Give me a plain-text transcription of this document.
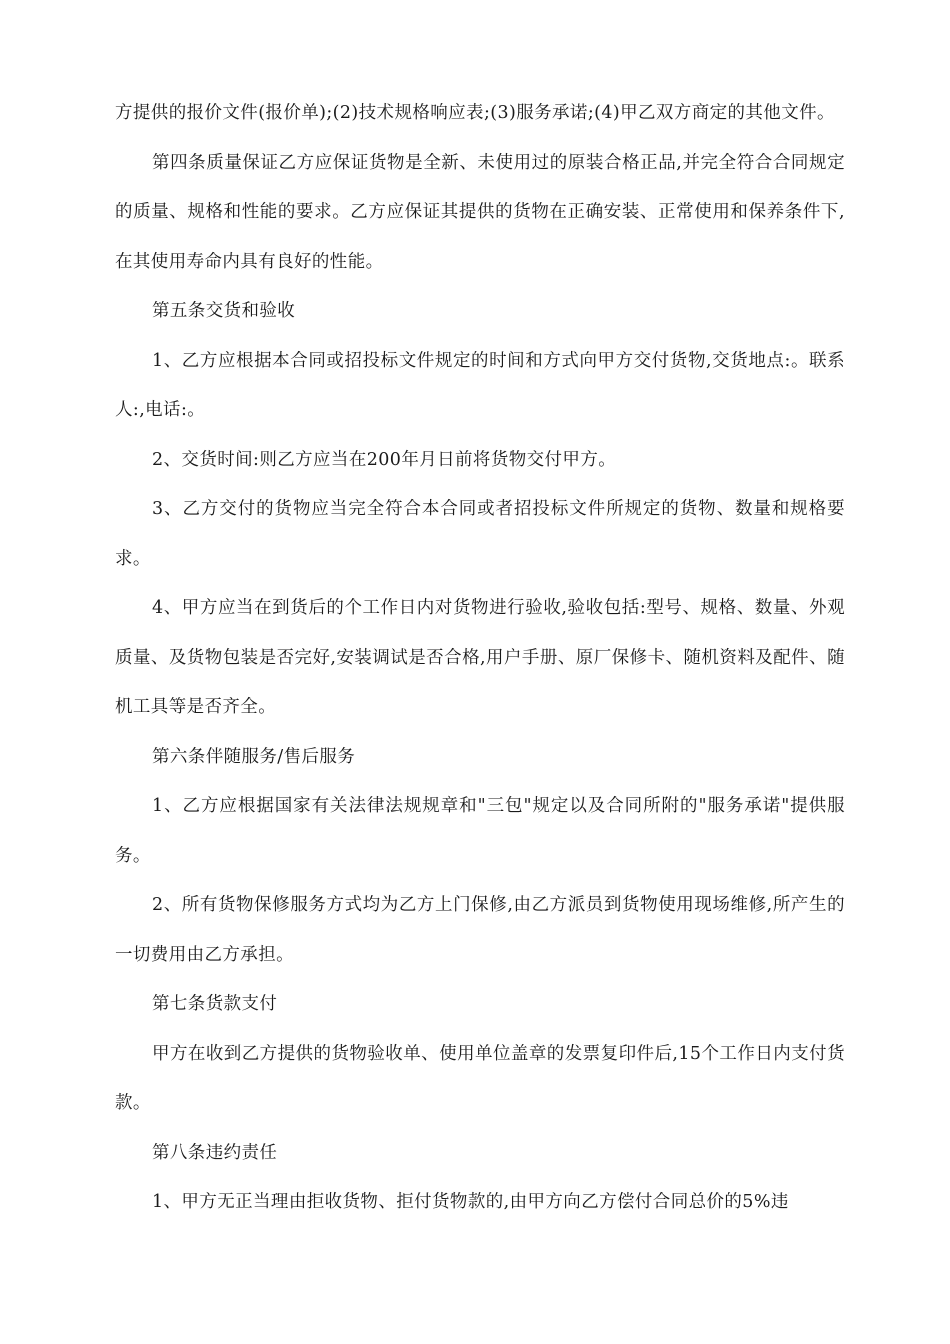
方提供的报价文件(报价单);(2)技术规格响应表;(3)服务承诺;(4)甲乙双方商定的其他文件。

第四条质量保证乙方应保证货物是全新、未使用过的原装合格正品,并完全符合合同规定的质量、规格和性能的要求。乙方应保证其提供的货物在正确安装、正常使用和保养条件下,在其使用寿命内具有良好的性能。

第五条交货和验收

1、乙方应根据本合同或招投标文件规定的时间和方式向甲方交付货物,交货地点:。联系人:,电话:。

2、交货时间:则乙方应当在200年月日前将货物交付甲方。

3、乙方交付的货物应当完全符合本合同或者招投标文件所规定的货物、数量和规格要求。

4、甲方应当在到货后的个工作日内对货物进行验收,验收包括:型号、规格、数量、外观质量、及货物包装是否完好,安装调试是否合格,用户手册、原厂保修卡、随机资料及配件、随机工具等是否齐全。

第六条伴随服务/售后服务

1、乙方应根据国家有关法律法规规章和"三包"规定以及合同所附的"服务承诺"提供服务。

2、所有货物保修服务方式均为乙方上门保修,由乙方派员到货物使用现场维修,所产生的一切费用由乙方承担。

第七条货款支付

甲方在收到乙方提供的货物验收单、使用单位盖章的发票复印件后,15个工作日内支付货款。

第八条违约责任

1、甲方无正当理由拒收货物、拒付货物款的,由甲方向乙方偿付合同总价的5%违
